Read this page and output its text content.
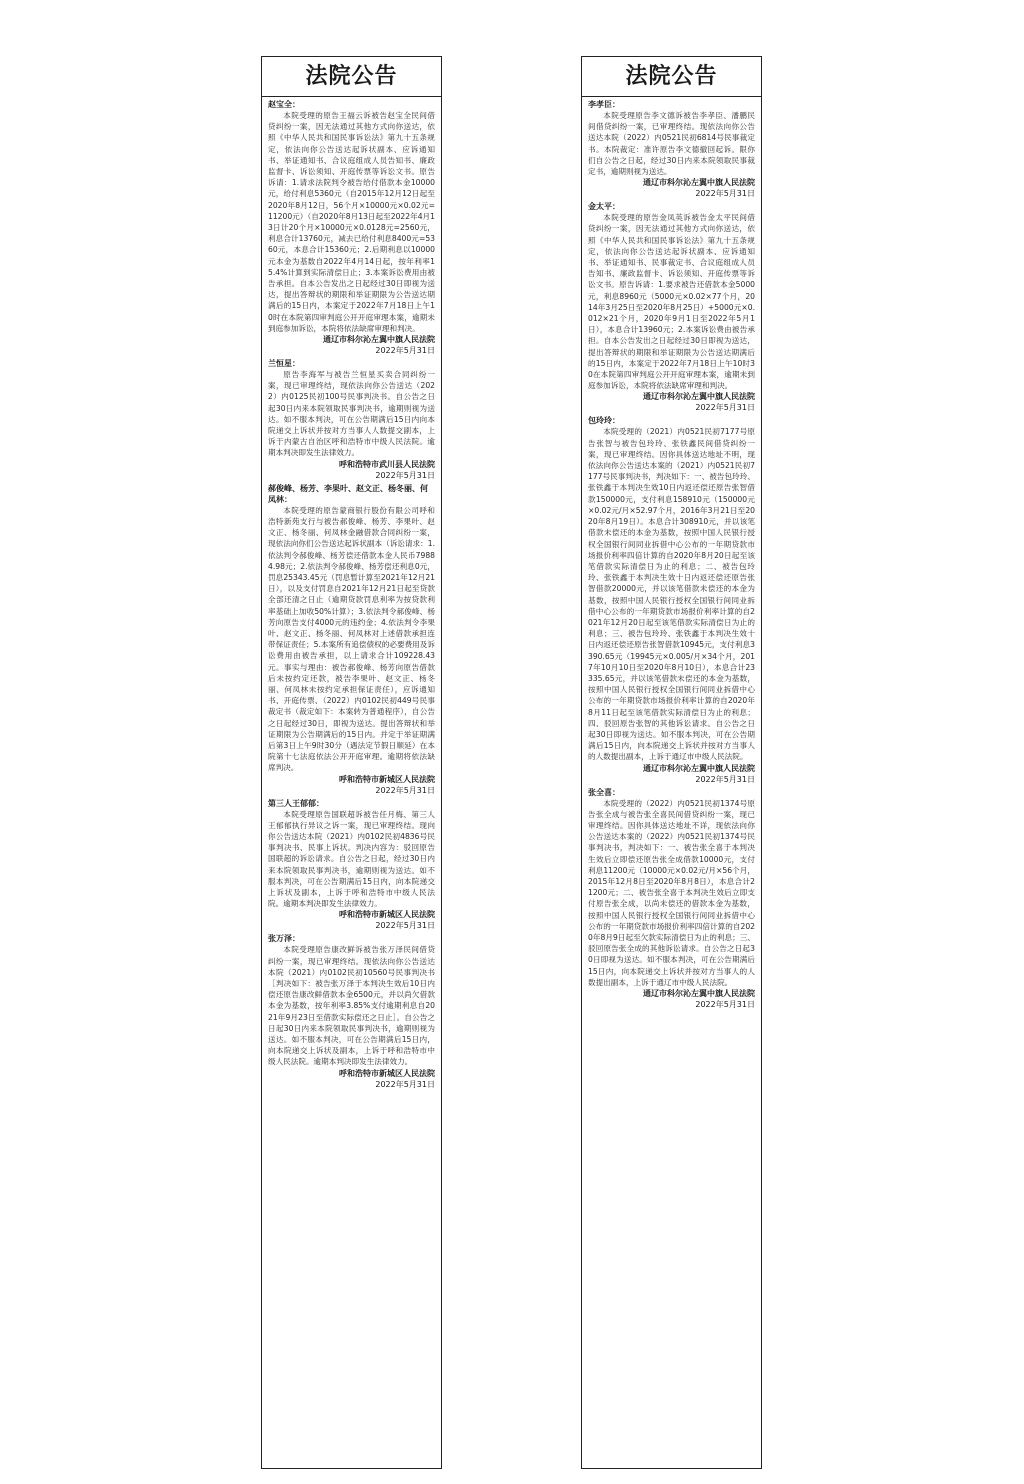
法院公告
赵宝全：
本院受理的原告王福云诉被告赵宝全民间借贷纠纷一案，因无法通过其他方式向你送达，依照《中华人民共和国民事诉讼法》第九十五条规定，依法向你公告送达起诉状副本、应诉通知书、举证通知书、合议庭组成人员告知书、廉政监督卡、诉讼须知、开庭传票等诉讼文书。原告诉请：1.请求法院判令被告给付借款本金10000元，给付利息5360元（自2015年12月12日起至2020年8月12日，56个月×10000元×0.02元=11200元）（自2020年8月13日起至2022年4月13日计20个月×10000元×0.0128元=2560元，利息合计13760元，减去已给付利息8400元=5360元，本息合计15360元；2.后期利息以10000元本金为基数自2022年4月14日起，按年利率15.4%计算到实际清偿日止；3.本案诉讼费用由被告承担。自本公告发出之日起经过30日即视为送达，提出答辩状的期限和举证期限为公告送达期满后的15日内，本案定于2022年7月18日上午10时在本院第四审判庭公开开庭审理本案，逾期未到庭参加诉讼，本院将依法缺席审理和判决。
通辽市科尔沁左翼中旗人民法院
2022年5月31日
兰恒星：
原告李海军与被告兰恒星买卖合同纠纷一案，现已审理终结，现依法向你公告送达（2022）内0125民初100号民事判决书。自公告之日起30日内来本院领取民事判决书，逾期则视为送达。如不服本判决，可在公告期满后15日内向本院递交上诉状并按对方当事人人数提交副本，上诉于内蒙古自治区呼和浩特市中级人民法院。逾期本判决即发生法律效力。
呼和浩特市武川县人民法院
2022年5月31日
郝俊峰、杨芳、李果叶、赵文正、杨冬丽、何凤林：
本院受理的原告蒙商银行股份有限公司呼和浩特新苑支行与被告郝俊峰、杨芳、李果叶、赵文正、杨冬丽、何凤林金融借款合同纠纷一案，现依法向你们公告送达起诉状副本（诉讼请求：1.依法判令郝俊峰、杨芳偿还借款本金人民币79884.98元；2.依法判令郝俊峰、杨芳偿还利息0元，罚息25343.45元（罚息暂计算至2021年12月21日），以及支付罚息自2021年12月21日起至贷款全部还清之日止（逾期贷款罚息利率为按贷款利率基础上加收50%计算）；3.依法判令郝俊峰、杨芳向原告支付4000元的违约金；4.依法判令李果叶、赵文正、杨冬丽、何凤林对上述借款承担连带保证责任；5.本案所有追偿债权的必要费用及诉讼费用由被告承担，以上请求合计109228.43元。事实与理由：被告郝俊峰、杨芳向原告借款后未按约定还款，被告李果叶、赵文正、杨冬丽、何凤林未按约定承担保证责任），应诉通知书、开庭传票、（2022）内0102民初449号民事裁定书（裁定如下：本案转为普通程序），自公告之日起经过30日，即视为送达。提出答辩状和举证期限为公告期满后的15日内。并定于举证期满后第3日上午9时30分（遇法定节假日顺延）在本院第十七法庭依法公开开庭审理。逾期将依法缺席判决。
呼和浩特市新城区人民法院
2022年5月31日
第三人王郁郁：
本院受理原告国联超诉被告任月梅、第三人王郁郁执行异议之诉一案，现已审理终结。现向你公告送达本院（2021）内0102民初4836号民事判决书、民事上诉状。判决内容为：驳回原告国联超的诉讼请求。自公告之日起，经过30日内来本院领取民事判决书，逾期则视为送达。如不服本判决，可在公告期满后15日内，向本院递交上诉状及副本，上诉于呼和浩特市中级人民法院。逾期本判决即发生法律效力。
呼和浩特市新城区人民法院
2022年5月31日
张万泽：
本院受理原告康改鲜诉被告张万泽民间借贷纠纷一案，现已审理终结。现依法向你公告送达本院（2021）内0102民初10560号民事判决书［判决如下：被告张万泽于本判决生效后10日内偿还原告康改鲜借款本金6500元，并以尚欠借款本金为基数，按年利率3.85%支付逾期利息自2021年9月23日至借款实际偿还之日止］。自公告之日起30日内来本院领取民事判决书，逾期则视为送达。如不服本判决，可在公告期满后15日内，向本院递交上诉状及副本，上诉于呼和浩特市中级人民法院。逾期本判决即发生法律效力。
呼和浩特市新城区人民法院
2022年5月31日
法院公告
李孝臣：
本院受理原告李文德诉被告李孝臣、潘鹏民间借贷纠纷一案，已审理终结。现依法向你公告送达本院（2022）内0521民初6814号民事裁定书。本院裁定：准许原告李文德撤回起诉。限你们自公告之日起，经过30日内来本院领取民事裁定书，逾期则视为送达。
通辽市科尔沁左翼中旗人民法院
2022年5月31日
金太平：
本院受理的原告金凤英诉被告金太平民间借贷纠纷一案，因无法通过其他方式向你送达，依照《中华人民共和国民事诉讼法》第九十五条规定，依法向你公告送达起诉状副本、应诉通知书、举证通知书、民事裁定书、合议庭组成人员告知书、廉政监督卡、诉讼须知、开庭传票等诉讼文书。原告诉请：1.要求被告还借款本金5000元，利息8960元（5000元×0.02×77个月，2014年3月25日至2020年8月25日）+5000元×0.012×21个月，2020年9月1日至2022年5月1日），本息合计13960元；2.本案诉讼费由被告承担。自本公告发出之日起经过30日即视为送达，提出答辩状的期限和举证期限为公告送达期满后的15日内，本案定于2022年7月18日上午10时30在本院第四审判庭公开开庭审理本案，逾期未到庭参加诉讼，本院将依法缺席审理和判决。
通辽市科尔沁左翼中旗人民法院
2022年5月31日
包玲玲：
本院受理的（2021）内0521民初7177号原告张智与被告包玲玲、张铁鑫民间借贷纠纷一案，现已审理终结。因你具体送达地址不明，现依法向你公告送达本案的（2021）内0521民初7177号民事判决书，判决如下：一、被告包玲玲、张铁鑫于本判决生效10日内返还偿还原告张智借款150000元，支付利息158910元（150000元×0.02元/月×52.97个月，2016年3月21日至2020年8月19日）。本息合计308910元，并以该笔借款未偿还的本金为基数，按照中国人民银行授权全国银行间同业拆借中心公布的一年期贷款市场报价利率四倍计算的自2020年8月20日起至该笔借款实际清偿日为止的利息；二、被告包玲玲、张铁鑫于本判决生效十日内返还偿还原告张智借款20000元，并以该笔借款未偿还的本金为基数，按照中国人民银行授权全国银行间同业拆借中心公布的一年期贷款市场报价利率计算的自2021年12月20日起至该笔借款实际清偿日为止的利息；三、被告包玲玲、张铁鑫于本判决生效十日内返还偿还原告张智借款10945元，支付利息3390.65元（19945元×0.005/月×34个月，2017年10月10日至2020年8月10日），本息合计23335.65元，并以该笔借款未偿还的本金为基数，按照中国人民银行授权全国银行间同业拆借中心公布的一年期贷款市场报价利率计算的自2020年8月11日起至该笔借款实际清偿日为止的利息；四、驳回原告张智的其他诉讼请求。自公告之日起30日即视为送达。如不服本判决，可在公告期满后15日内，向本院递交上诉状并按对方当事人的人数提出副本，上诉于通辽市中级人民法院。
通辽市科尔沁左翼中旗人民法院
2022年5月31日
张全喜：
本院受理的（2022）内0521民初1374号原告张全成与被告张全喜民间借贷纠纷一案，现已审理终结。因你具体送达地址不详，现依法向你公告送达本案的（2022）内0521民初1374号民事判决书，判决如下：一、被告张全喜于本判决生效后立即偿还原告张全成借款10000元，支付利息11200元（10000元×0.02元/月×56个月，2015年12月8日至2020年8月8日），本息合计21200元；二、被告张全喜于本判决生效后立即支付原告张全成，以尚未偿还的借款本金为基数，按照中国人民银行授权全国银行间同业拆借中心公布的一年期贷款市场报价利率四倍计算的自2020年8月9日起至欠款实际清偿日为止的利息；三、驳回原告张全成的其他诉讼请求。自公告之日起30日即视为送达。如不服本判决，可在公告期满后15日内，向本院递交上诉状并按对方当事人的人数提出副本，上诉于通辽市中级人民法院。
通辽市科尔沁左翼中旗人民法院
2022年5月31日
